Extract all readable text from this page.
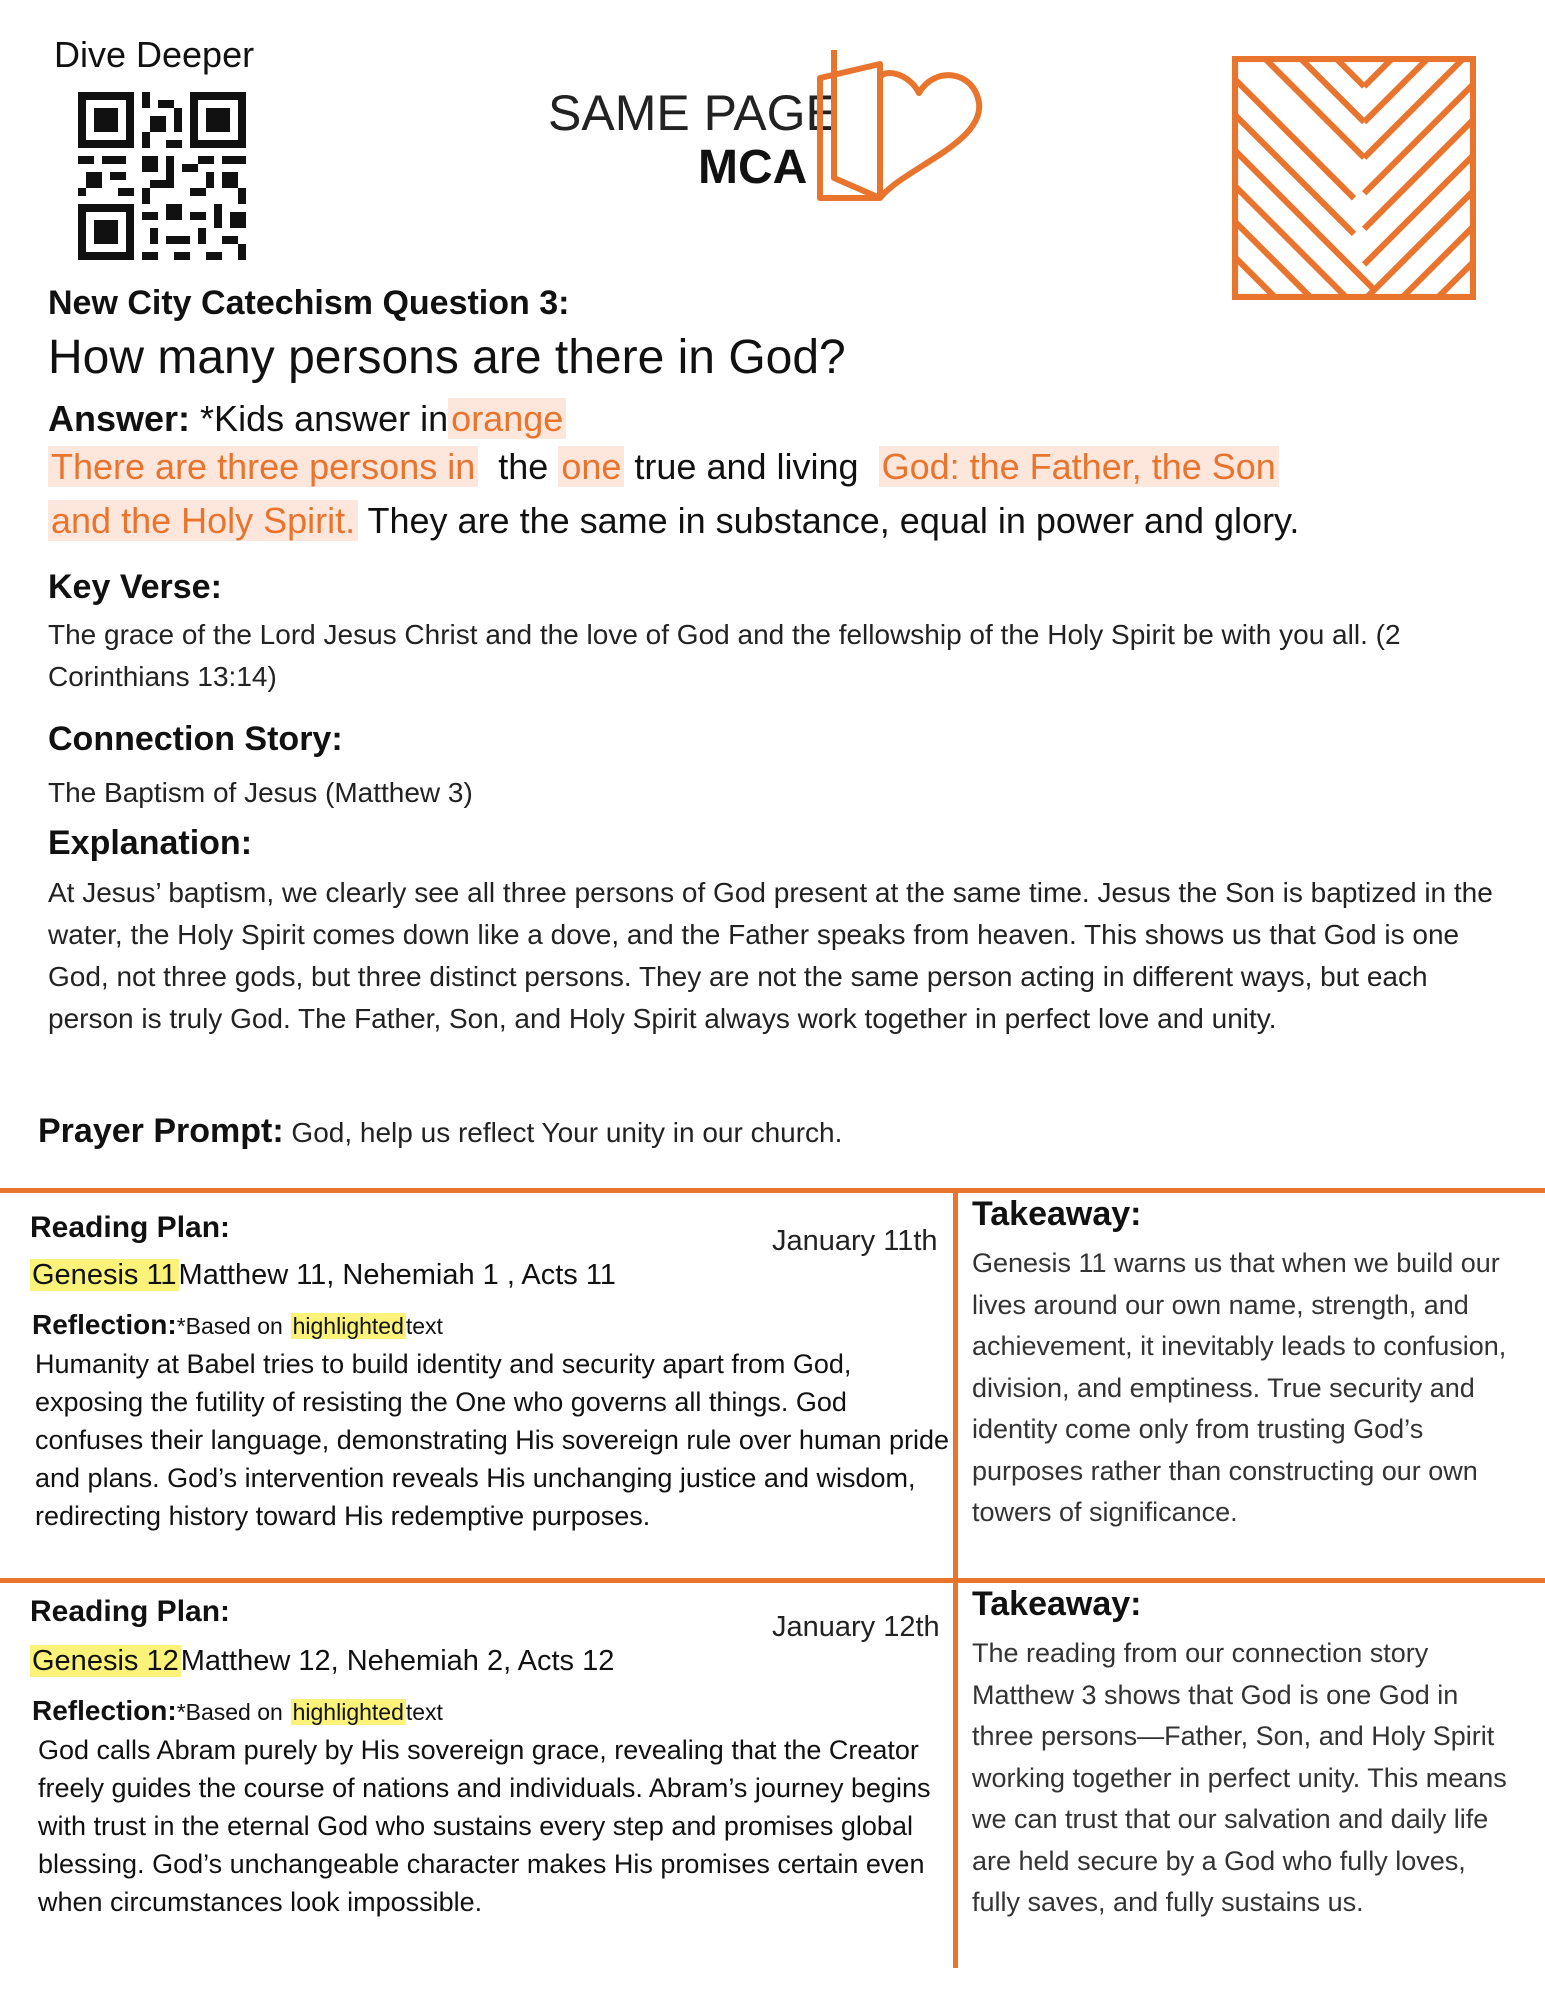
Dive Deeper
SAME PAGE
MCA
New City Catechism Question 3:
How many persons are there in God?
Answer: *Kids answer inorange
There are three persons in the one true and living God: the Father, the Son
and the Holy Spirit. They are the same in substance, equal in power and glory.
Key Verse:
The grace of the Lord Jesus Christ and the love of God and the fellowship of the Holy Spirit be with you all. (2 Corinthians 13:14)
Connection Story:
The Baptism of Jesus (Matthew 3)
Explanation:
At Jesus’ baptism, we clearly see all three persons of God present at the same time. Jesus the Son is baptized in the water, the Holy Spirit comes down like a dove, and the Father speaks from heaven. This shows us that God is one God, not three gods, but three distinct persons. They are not the same person acting in different ways, but each person is truly God. The Father, Son, and Holy Spirit always work together in perfect love and unity.
Prayer Prompt: God, help us reflect Your unity in our church.
Reading Plan:	January 11th
Genesis 11Matthew 11, Nehemiah 1 , Acts 11
Reflection:*Based on highlightedtext
Humanity at Babel tries to build identity and security apart from God, exposing the futility of resisting the One who governs all things. God confuses their language, demonstrating His sovereign rule over human pride and plans. God’s intervention reveals His unchanging justice and wisdom, redirecting history toward His redemptive purposes.
Takeaway:
Genesis 11 warns us that when we build our lives around our own name, strength, and achievement, it inevitably leads to confusion, division, and emptiness. True security and identity come only from trusting God’s purposes rather than constructing our own towers of significance.
Reading Plan:	January 12th
Genesis 12Matthew 12, Nehemiah 2, Acts 12
Reflection:*Based on highlightedtext
God calls Abram purely by His sovereign grace, revealing that the Creator freely guides the course of nations and individuals. Abram’s journey begins with trust in the eternal God who sustains every step and promises global blessing. God’s unchangeable character makes His promises certain even when circumstances look impossible.
Takeaway:
The reading from our connection story Matthew 3 shows that God is one God in three persons—Father, Son, and Holy Spirit working together in perfect unity. This means we can trust that our salvation and daily life are held secure by a God who fully loves, fully saves, and fully sustains us.
